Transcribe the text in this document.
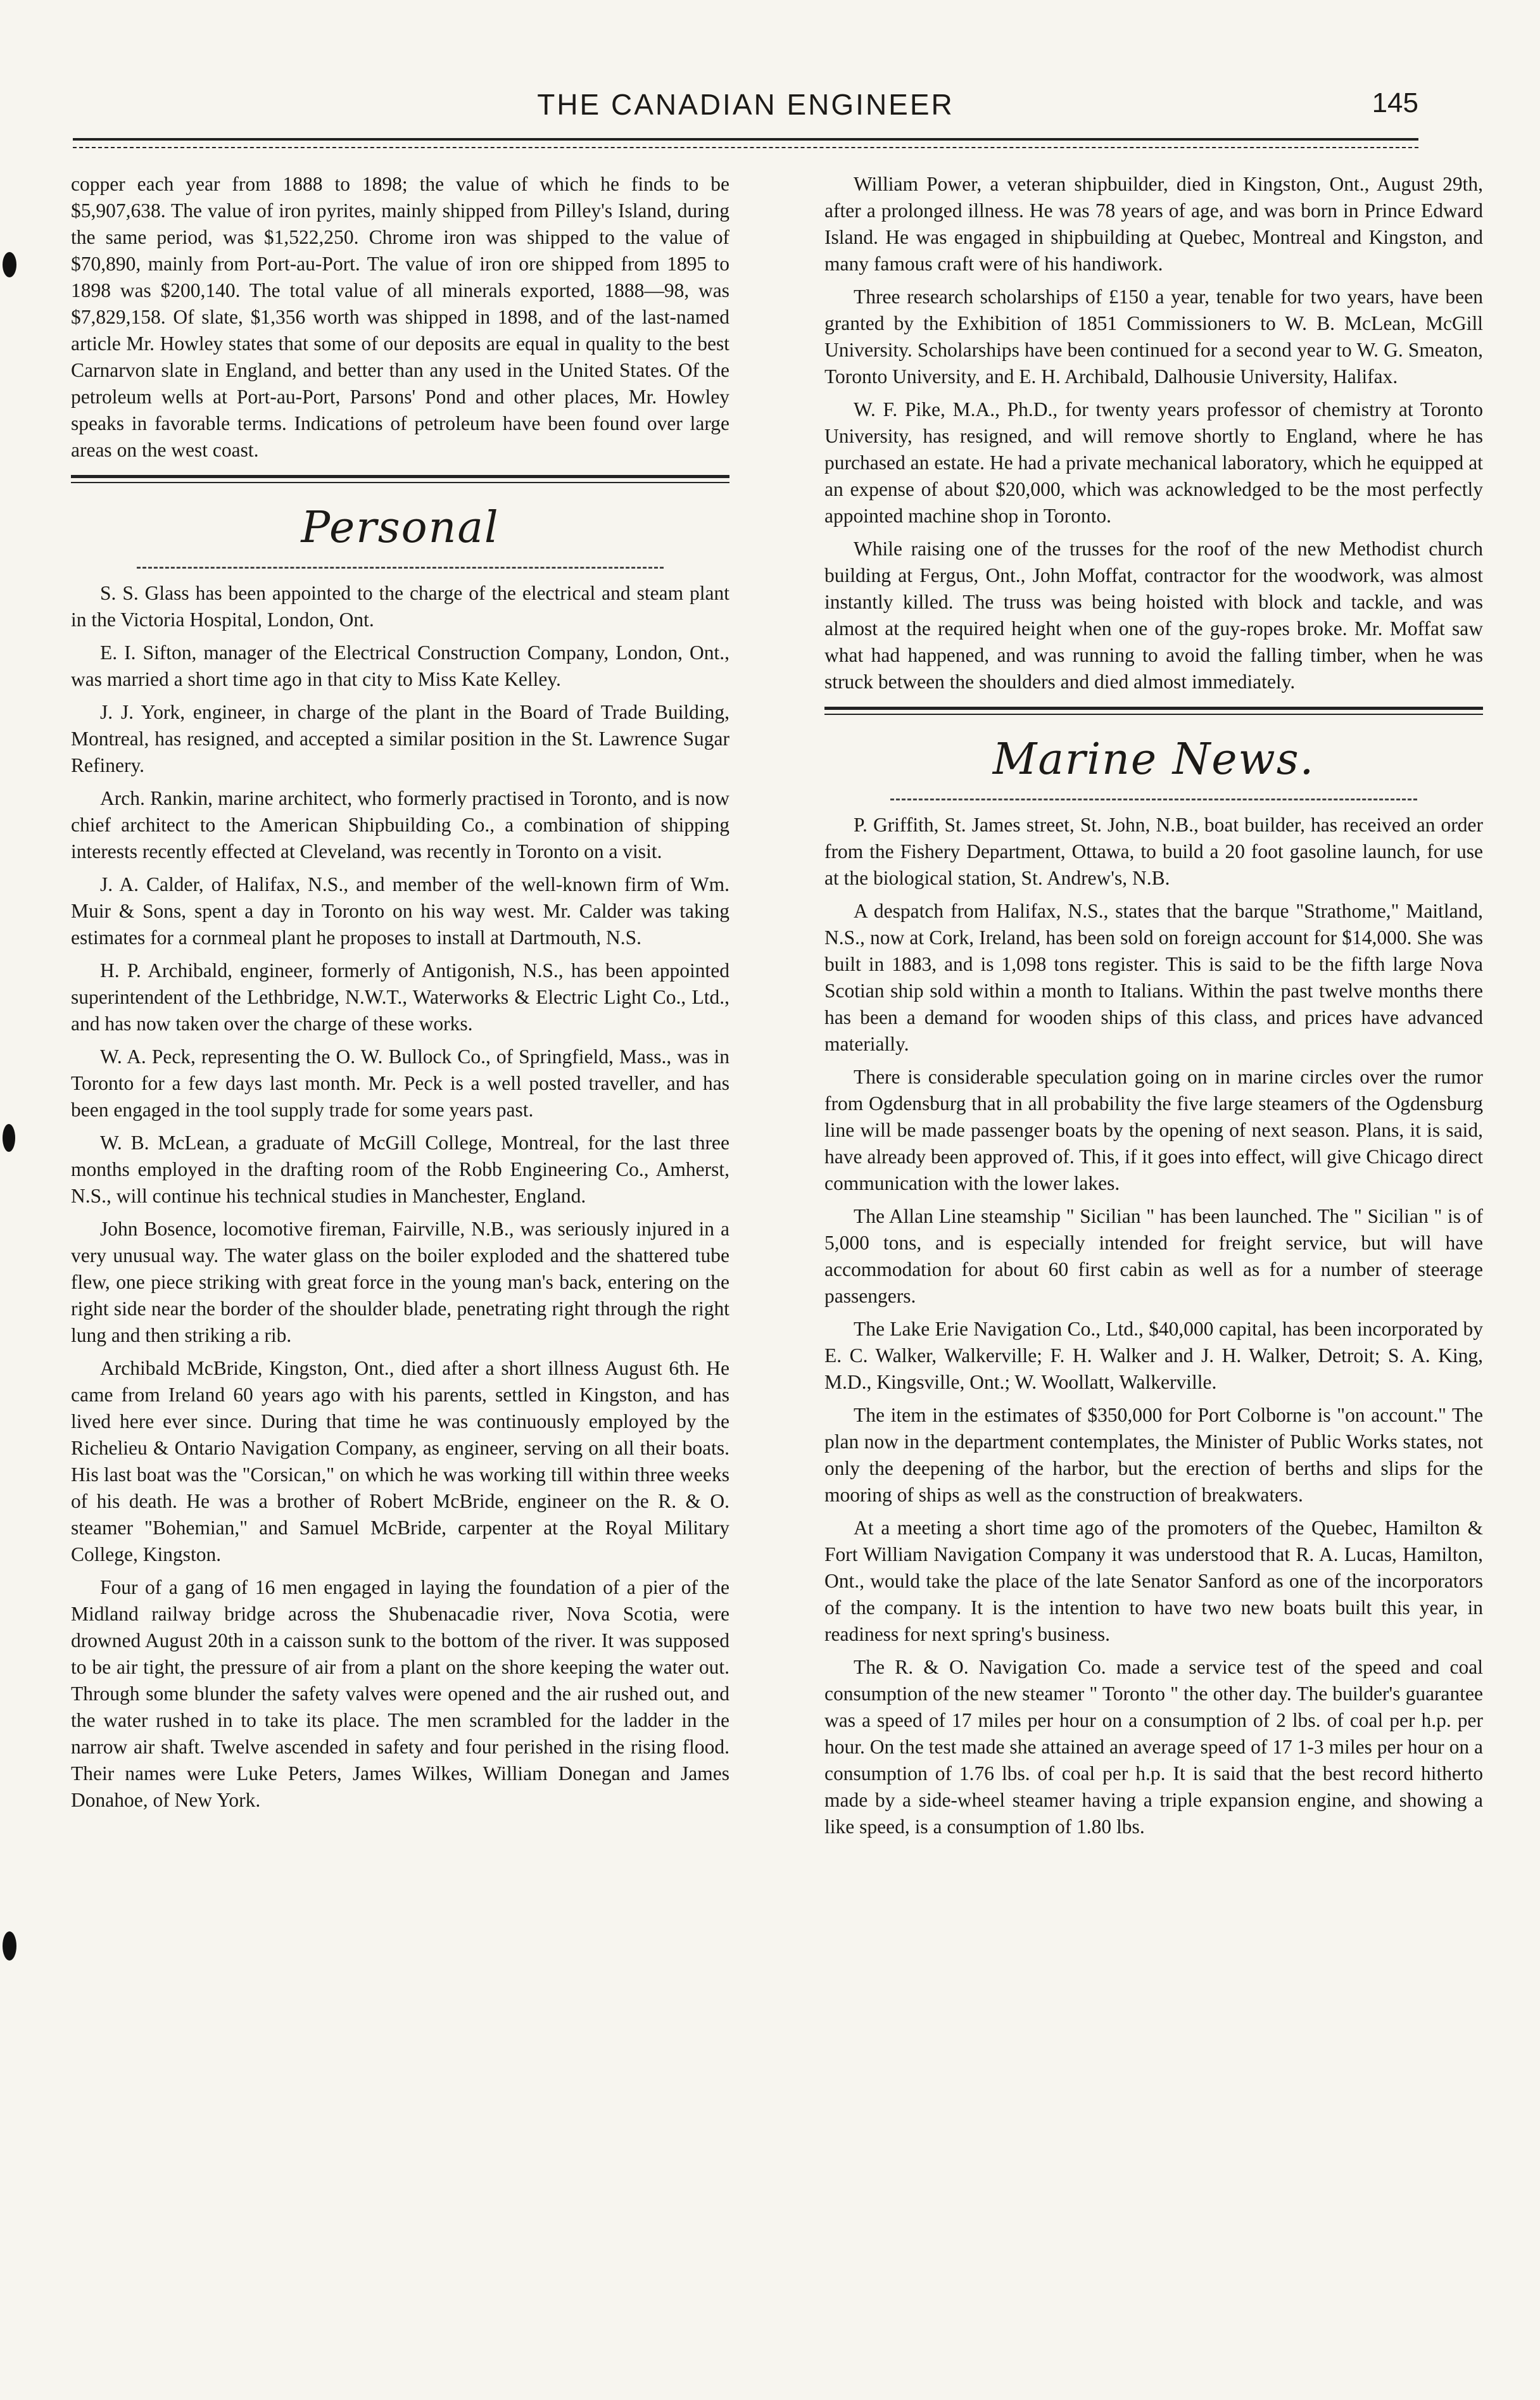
THE CANADIAN ENGINEER	145

copper each year from 1888 to 1898; the value of which he finds to be $5,907,638. The value of iron pyrites, mainly shipped from Pilley's Island, during the same period, was $1,522,250. Chrome iron was shipped to the value of $70,890, mainly from Port-au-Port. The value of iron ore shipped from 1895 to 1898 was $200,140. The total value of all minerals exported, 1888—98, was $7,829,158. Of slate, $1,356 worth was shipped in 1898, and of the last-named article Mr. Howley states that some of our deposits are equal in quality to the best Carnarvon slate in England, and better than any used in the United States. Of the petroleum wells at Port-au-Port, Parsons' Pond and other places, Mr. Howley speaks in favorable terms. Indications of petroleum have been found over large areas on the west coast.

Personal

S. S. Glass has been appointed to the charge of the electrical and steam plant in the Victoria Hospital, London, Ont.

E. I. Sifton, manager of the Electrical Construction Company, London, Ont., was married a short time ago in that city to Miss Kate Kelley.

J. J. York, engineer, in charge of the plant in the Board of Trade Building, Montreal, has resigned, and accepted a similar position in the St. Lawrence Sugar Refinery.

Arch. Rankin, marine architect, who formerly practised in Toronto, and is now chief architect to the American Shipbuilding Co., a combination of shipping interests recently effected at Cleveland, was recently in Toronto on a visit.

J. A. Calder, of Halifax, N.S., and member of the well-known firm of Wm. Muir & Sons, spent a day in Toronto on his way west. Mr. Calder was taking estimates for a cornmeal plant he proposes to install at Dartmouth, N.S.

H. P. Archibald, engineer, formerly of Antigonish, N.S., has been appointed superintendent of the Lethbridge, N.W.T., Waterworks & Electric Light Co., Ltd., and has now taken over the charge of these works.

W. A. Peck, representing the O. W. Bullock Co., of Springfield, Mass., was in Toronto for a few days last month. Mr. Peck is a well posted traveller, and has been engaged in the tool supply trade for some years past.

W. B. McLean, a graduate of McGill College, Montreal, for the last three months employed in the drafting room of the Robb Engineering Co., Amherst, N.S., will continue his technical studies in Manchester, England.

John Bosence, locomotive fireman, Fairville, N.B., was seriously injured in a very unusual way. The water glass on the boiler exploded and the shattered tube flew, one piece striking with great force in the young man's back, entering on the right side near the border of the shoulder blade, penetrating right through the right lung and then striking a rib.

Archibald McBride, Kingston, Ont., died after a short illness August 6th. He came from Ireland 60 years ago with his parents, settled in Kingston, and has lived here ever since. During that time he was continuously employed by the Richelieu & Ontario Navigation Company, as engineer, serving on all their boats. His last boat was the "Corsican," on which he was working till within three weeks of his death. He was a brother of Robert McBride, engineer on the R. & O. steamer "Bohemian," and Samuel McBride, carpenter at the Royal Military College, Kingston.

Four of a gang of 16 men engaged in laying the foundation of a pier of the Midland railway bridge across the Shubenacadie river, Nova Scotia, were drowned August 20th in a caisson sunk to the bottom of the river. It was supposed to be air tight, the pressure of air from a plant on the shore keeping the water out. Through some blunder the safety valves were opened and the air rushed out, and the water rushed in to take its place. The men scrambled for the ladder in the narrow air shaft. Twelve ascended in safety and four perished in the rising flood. Their names were Luke Peters, James Wilkes, William Donegan and James Donahoe, of New York.

William Power, a veteran shipbuilder, died in Kingston, Ont., August 29th, after a prolonged illness. He was 78 years of age, and was born in Prince Edward Island. He was engaged in shipbuilding at Quebec, Montreal and Kingston, and many famous craft were of his handiwork.

Three research scholarships of £150 a year, tenable for two years, have been granted by the Exhibition of 1851 Commissioners to W. B. McLean, McGill University. Scholarships have been continued for a second year to W. G. Smeaton, Toronto University, and E. H. Archibald, Dalhousie University, Halifax.

W. F. Pike, M.A., Ph.D., for twenty years professor of chemistry at Toronto University, has resigned, and will remove shortly to England, where he has purchased an estate. He had a private mechanical laboratory, which he equipped at an expense of about $20,000, which was acknowledged to be the most perfectly appointed machine shop in Toronto.

While raising one of the trusses for the roof of the new Methodist church building at Fergus, Ont., John Moffat, contractor for the woodwork, was almost instantly killed. The truss was being hoisted with block and tackle, and was almost at the required height when one of the guy-ropes broke. Mr. Moffat saw what had happened, and was running to avoid the falling timber, when he was struck between the shoulders and died almost immediately.

Marine News.

P. Griffith, St. James street, St. John, N.B., boat builder, has received an order from the Fishery Department, Ottawa, to build a 20 foot gasoline launch, for use at the biological station, St. Andrew's, N.B.

A despatch from Halifax, N.S., states that the barque "Strathome," Maitland, N.S., now at Cork, Ireland, has been sold on foreign account for $14,000. She was built in 1883, and is 1,098 tons register. This is said to be the fifth large Nova Scotian ship sold within a month to Italians. Within the past twelve months there has been a demand for wooden ships of this class, and prices have advanced materially.

There is considerable speculation going on in marine circles over the rumor from Ogdensburg that in all probability the five large steamers of the Ogdensburg line will be made passenger boats by the opening of next season. Plans, it is said, have already been approved of. This, if it goes into effect, will give Chicago direct communication with the lower lakes.

The Allan Line steamship " Sicilian " has been launched. The " Sicilian " is of 5,000 tons, and is especially intended for freight service, but will have accommodation for about 60 first cabin as well as for a number of steerage passengers.

The Lake Erie Navigation Co., Ltd., $40,000 capital, has been incorporated by E. C. Walker, Walkerville; F. H. Walker and J. H. Walker, Detroit; S. A. King, M.D., Kingsville, Ont.; W. Woollatt, Walkerville.

The item in the estimates of $350,000 for Port Colborne is "on account." The plan now in the department contemplates, the Minister of Public Works states, not only the deepening of the harbor, but the erection of berths and slips for the mooring of ships as well as the construction of breakwaters.

At a meeting a short time ago of the promoters of the Quebec, Hamilton & Fort William Navigation Company it was understood that R. A. Lucas, Hamilton, Ont., would take the place of the late Senator Sanford as one of the incorporators of the company. It is the intention to have two new boats built this year, in readiness for next spring's business.

The R. & O. Navigation Co. made a service test of the speed and coal consumption of the new steamer " Toronto " the other day. The builder's guarantee was a speed of 17 miles per hour on a consumption of 2 lbs. of coal per h.p. per hour. On the test made she attained an average speed of 17 1-3 miles per hour on a consumption of 1.76 lbs. of coal per h.p. It is said that the best record hitherto made by a side-wheel steamer having a triple expansion engine, and showing a like speed, is a consumption of 1.80 lbs.
